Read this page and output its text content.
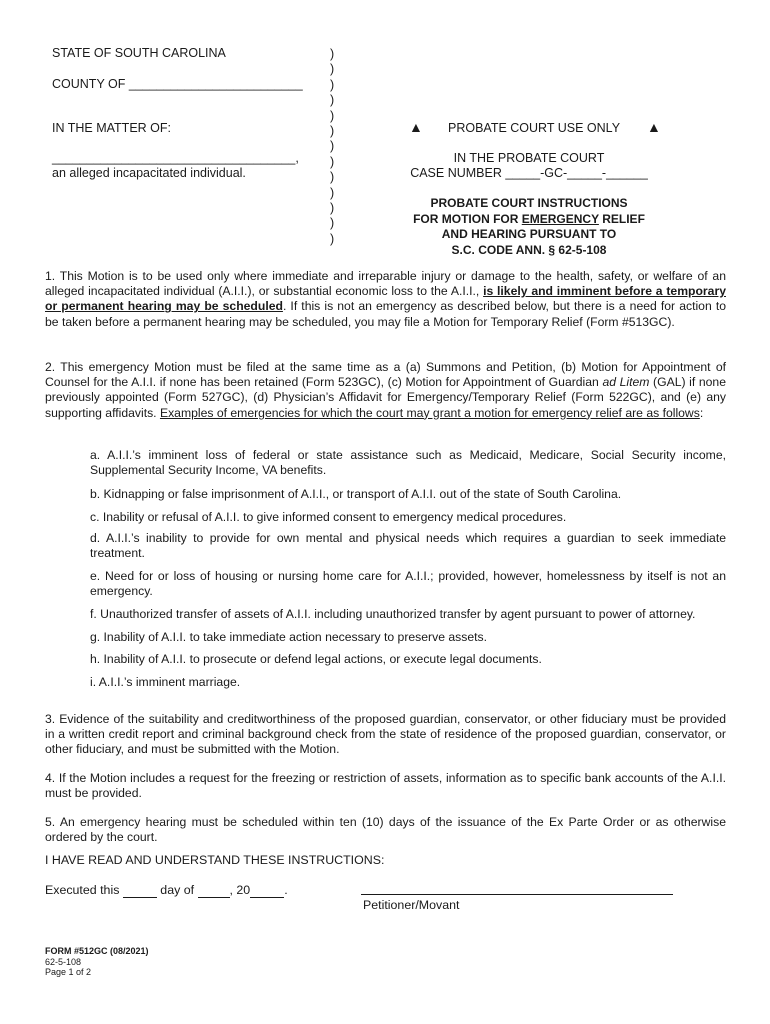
STATE OF SOUTH CAROLINA
COUNTY OF _________________________
IN THE MATTER OF:
___________________________________,
an alleged incapacitated individual.
)
)
)
)
)
)
)
)
)
)
)
)
)
▲ PROBATE COURT USE ONLY ▲
IN THE PROBATE COURT
CASE NUMBER _____-GC-_____-______
PROBATE COURT INSTRUCTIONS
FOR MOTION FOR EMERGENCY RELIEF
AND HEARING PURSUANT TO
S.C. CODE ANN. § 62-5-108
1. This Motion is to be used only where immediate and irreparable injury or damage to the health, safety, or welfare of an alleged incapacitated individual (A.I.I.), or substantial economic loss to the A.I.I., is likely and imminent before a temporary or permanent hearing may be scheduled. If this is not an emergency as described below, but there is a need for action to be taken before a permanent hearing may be scheduled, you may file a Motion for Temporary Relief (Form #513GC).
2. This emergency Motion must be filed at the same time as a (a) Summons and Petition, (b) Motion for Appointment of Counsel for the A.I.I. if none has been retained (Form 523GC), (c) Motion for Appointment of Guardian ad Litem (GAL) if none previously appointed (Form 527GC), (d) Physician’s Affidavit for Emergency/Temporary Relief (Form 522GC), and (e) any supporting affidavits. Examples of emergencies for which the court may grant a motion for emergency relief are as follows:
a. A.I.I.’s imminent loss of federal or state assistance such as Medicaid, Medicare, Social Security income, Supplemental Security Income, VA benefits.
b. Kidnapping or false imprisonment of A.I.I., or transport of A.I.I. out of the state of South Carolina.
c. Inability or refusal of A.I.I. to give informed consent to emergency medical procedures.
d. A.I.I.’s inability to provide for own mental and physical needs which requires a guardian to seek immediate treatment.
e. Need for or loss of housing or nursing home care for A.I.I.; provided, however, homelessness by itself is not an emergency.
f. Unauthorized transfer of assets of A.I.I. including unauthorized transfer by agent pursuant to power of attorney.
g. Inability of A.I.I. to take immediate action necessary to preserve assets.
h. Inability of A.I.I. to prosecute or defend legal actions, or execute legal documents.
i. A.I.I.’s imminent marriage.
3. Evidence of the suitability and creditworthiness of the proposed guardian, conservator, or other fiduciary must be provided in a written credit report and criminal background check from the state of residence of the proposed guardian, conservator, or other fiduciary, and must be submitted with the Motion.
4. If the Motion includes a request for the freezing or restriction of assets, information as to specific bank accounts of the A.I.I. must be provided.
5. An emergency hearing must be scheduled within ten (10) days of the issuance of the Ex Parte Order or as otherwise ordered by the court.
I HAVE READ AND UNDERSTAND THESE INSTRUCTIONS:
Executed this	day of	, 20	.
Petitioner/Movant
FORM #512GC (08/2021)
62-5-108
Page 1 of 2
